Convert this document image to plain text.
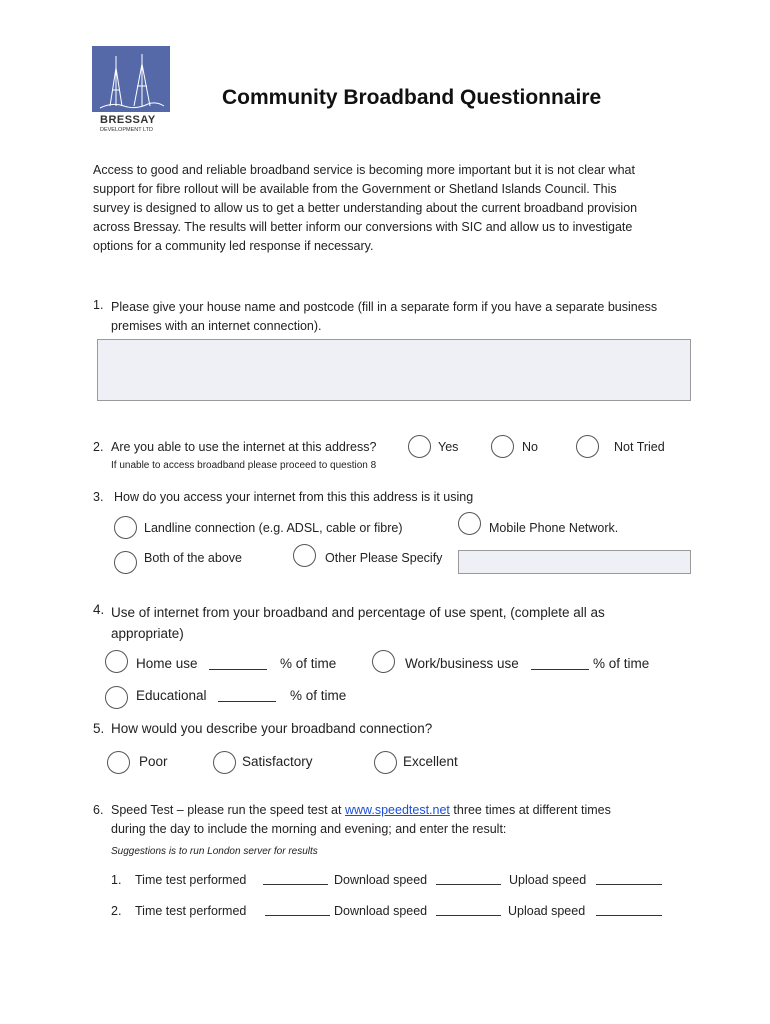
BRESSAY
DEVELOPMENT LTD
Community Broadband Questionnaire
Access to good and reliable broadband service is becoming more important but it is not clear what
support for fibre rollout will be available from the Government or Shetland Islands Council. This
survey is designed to allow us to get a better understanding about the current broadband provision
across Bressay. The results will better inform our conversions with SIC and allow us to investigate
options for a community led response if necessary.
1. Please give your house name and postcode (fill in a separate form if you have a separate business
premises with an internet connection).
2. Are you able to use the internet at this address?	Yes	No	Not Tried
If unable to access broadband please proceed to question 8
3. How do you access your internet from this this address is it using
Landline connection (e.g. ADSL, cable or fibre)	Mobile Phone Network.
Both of the above	Other Please Specify
4. Use of internet from your broadband and percentage of use spent, (complete all as
appropriate)
Home use	% of time	Work/business use	% of time
Educational	% of time
5. How would you describe your broadband connection?
Poor	Satisfactory	Excellent
6. Speed Test – please run the speed test at www.speedtest.net three times at different times
during the day to include the morning and evening; and enter the result:
Suggestions is to run London server for results
1. Time test performed	Download speed	Upload speed
2. Time test performed	Download speed	Upload speed
